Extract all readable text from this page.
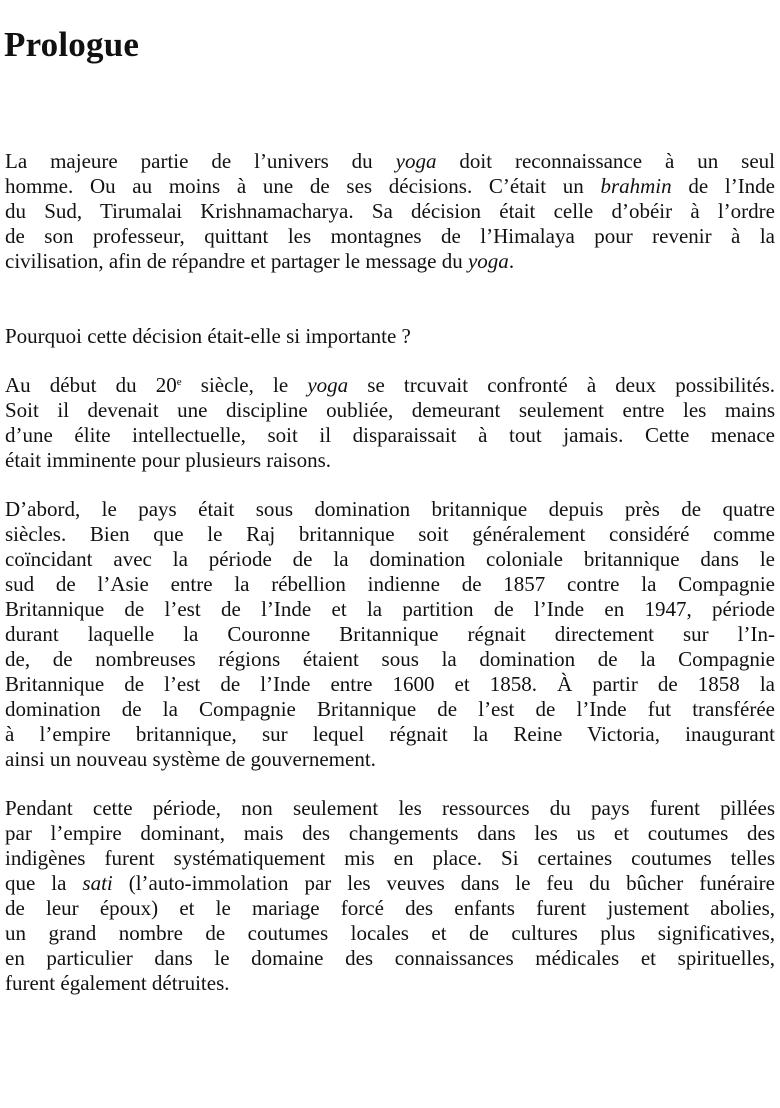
Prologue
La majeure partie de l’univers du yoga doit reconnaissance à un seul
homme. Ou au moins à une de ses décisions. C’était un brahmin de l’Inde
du Sud, Tirumalai Krishnamacharya. Sa décision était celle d’obéir à l’ordre
de son professeur, quittant les montagnes de l’Himalaya pour revenir à la
civilisation, afin de répandre et partager le message du yoga.
Pourquoi cette décision était-elle si importante ?
Au début du 20e siècle, le yoga se trcuvait confronté à deux possibilités.
Soit il devenait une discipline oubliée, demeurant seulement entre les mains
d’une élite intellectuelle, soit il disparaissait à tout jamais. Cette menace
était imminente pour plusieurs raisons.
D’abord, le pays était sous domination britannique depuis près de quatre
siècles. Bien que le Raj britannique soit généralement considéré comme
coïncidant avec la période de la domination coloniale britannique dans le
sud de l’Asie entre la rébellion indienne de 1857 contre la Compagnie
Britannique de l’est de l’Inde et la partition de l’Inde en 1947, période
durant laquelle la Couronne Britannique régnait directement sur l’In-
de, de nombreuses régions étaient sous la domination de la Compagnie
Britannique de l’est de l’Inde entre 1600 et 1858. À partir de 1858 la
domination de la Compagnie Britannique de l’est de l’Inde fut transférée
à l’empire britannique, sur lequel régnait la Reine Victoria, inaugurant
ainsi un nouveau système de gouvernement.
Pendant cette période, non seulement les ressources du pays furent pillées
par l’empire dominant, mais des changements dans les us et coutumes des
indigènes furent systématiquement mis en place. Si certaines coutumes telles
que la sati (l’auto-immolation par les veuves dans le feu du bûcher funéraire
de leur époux) et le mariage forcé des enfants furent justement abolies,
un grand nombre de coutumes locales et de cultures plus significatives,
en particulier dans le domaine des connaissances médicales et spirituelles,
furent également détruites.
